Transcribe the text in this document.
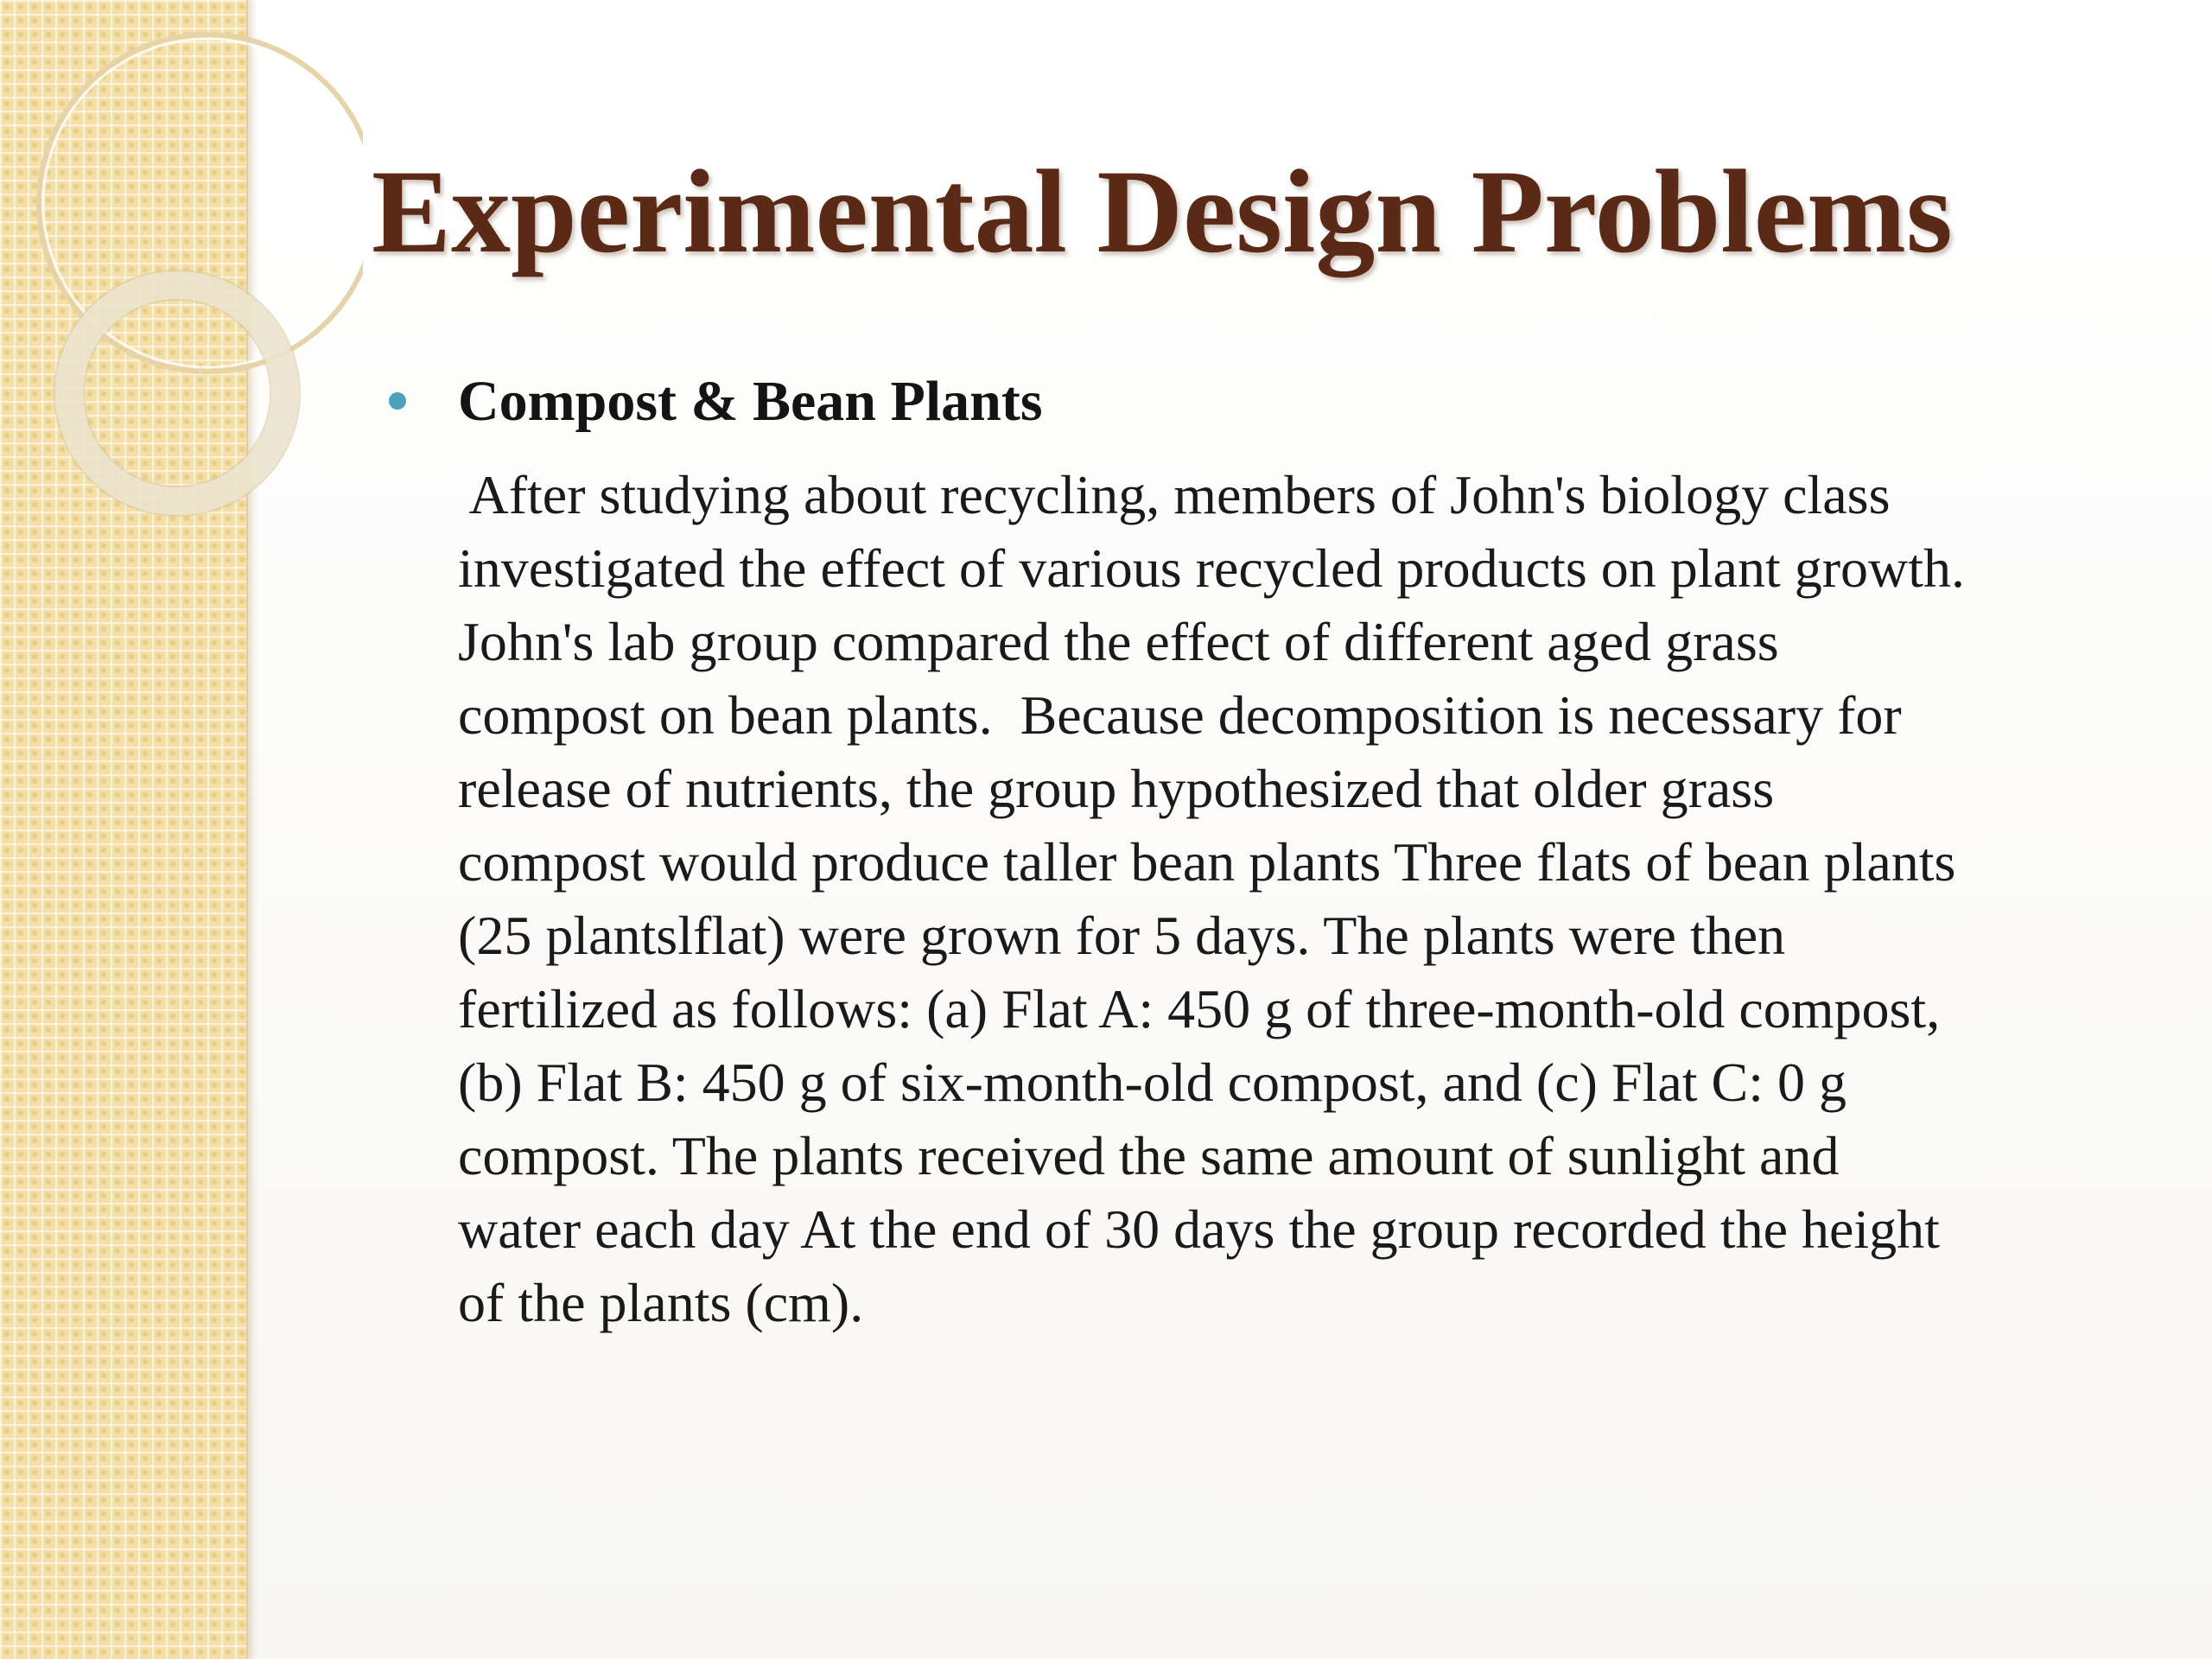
Experimental Design Problems
Compost & Bean Plants
After studying about recycling, members of John's biology class
investigated the effect of various recycled products on plant growth.
John's lab group compared the effect of different aged grass
compost on bean plants.  Because decomposition is necessary for
release of nutrients, the group hypothesized that older grass
compost would produce taller bean plants Three flats of bean plants
(25 plantslflat) were grown for 5 days. The plants were then
fertilized as follows: (a) Flat A: 450 g of three-month-old compost,
(b) Flat B: 450 g of six-month-old compost, and (c) Flat C: 0 g
compost. The plants received the same amount of sunlight and
water each day At the end of 30 days the group recorded the height
of the plants (cm).
